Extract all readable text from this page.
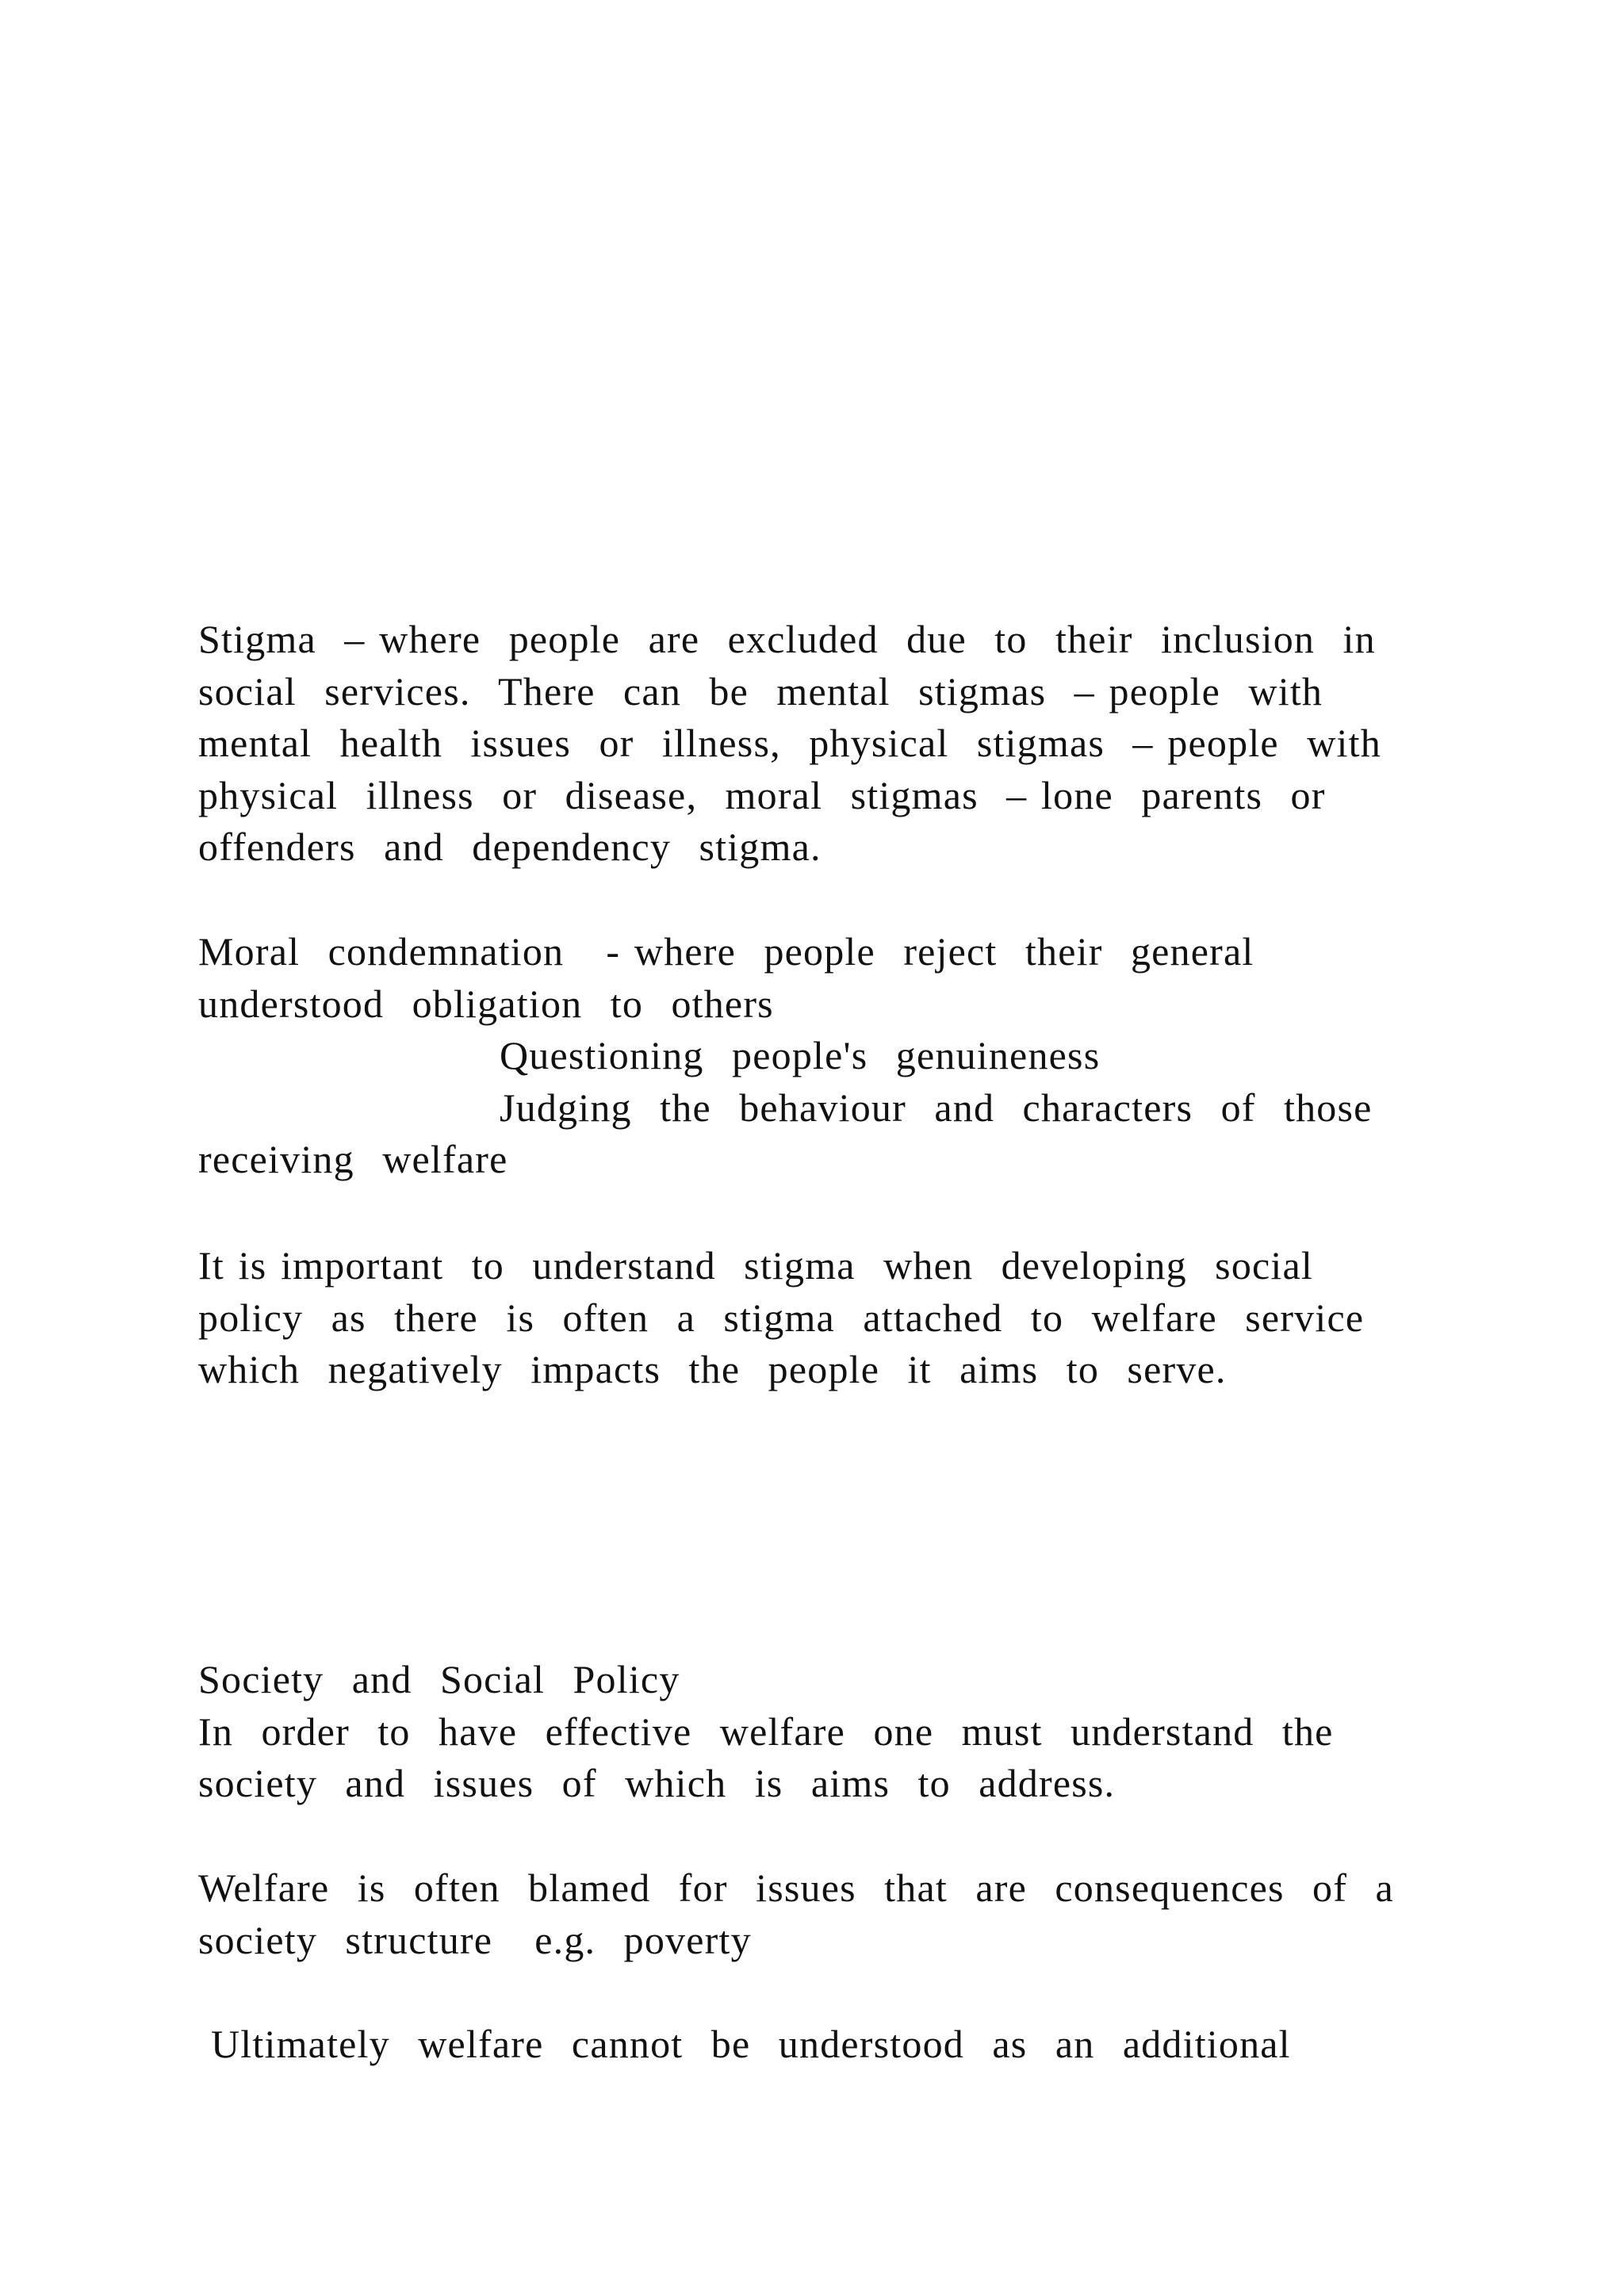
Stigma  – where  people  are  excluded  due  to  their  inclusion  in
social  services.  There  can  be  mental  stigmas  – people  with
mental  health  issues  or  illness,  physical  stigmas  – people  with
physical  illness  or  disease,  moral  stigmas  – lone  parents  or
offenders  and  dependency  stigma.
Moral  condemnation   - where  people  reject  their  general
understood  obligation  to  others
Questioning  people's  genuineness
Judging  the  behaviour  and  characters  of  those
receiving  welfare
It is important  to  understand  stigma  when  developing  social
policy  as  there  is  often  a  stigma  attached  to  welfare  service
which  negatively  impacts  the  people  it  aims  to  serve.
Society  and  Social  Policy
In  order  to  have  effective  welfare  one  must  understand  the
society  and  issues  of  which  is  aims  to  address.
Welfare  is  often  blamed  for  issues  that  are  consequences  of  a
society  structure   e.g.  poverty
Ultimately  welfare  cannot  be  understood  as  an  additional
